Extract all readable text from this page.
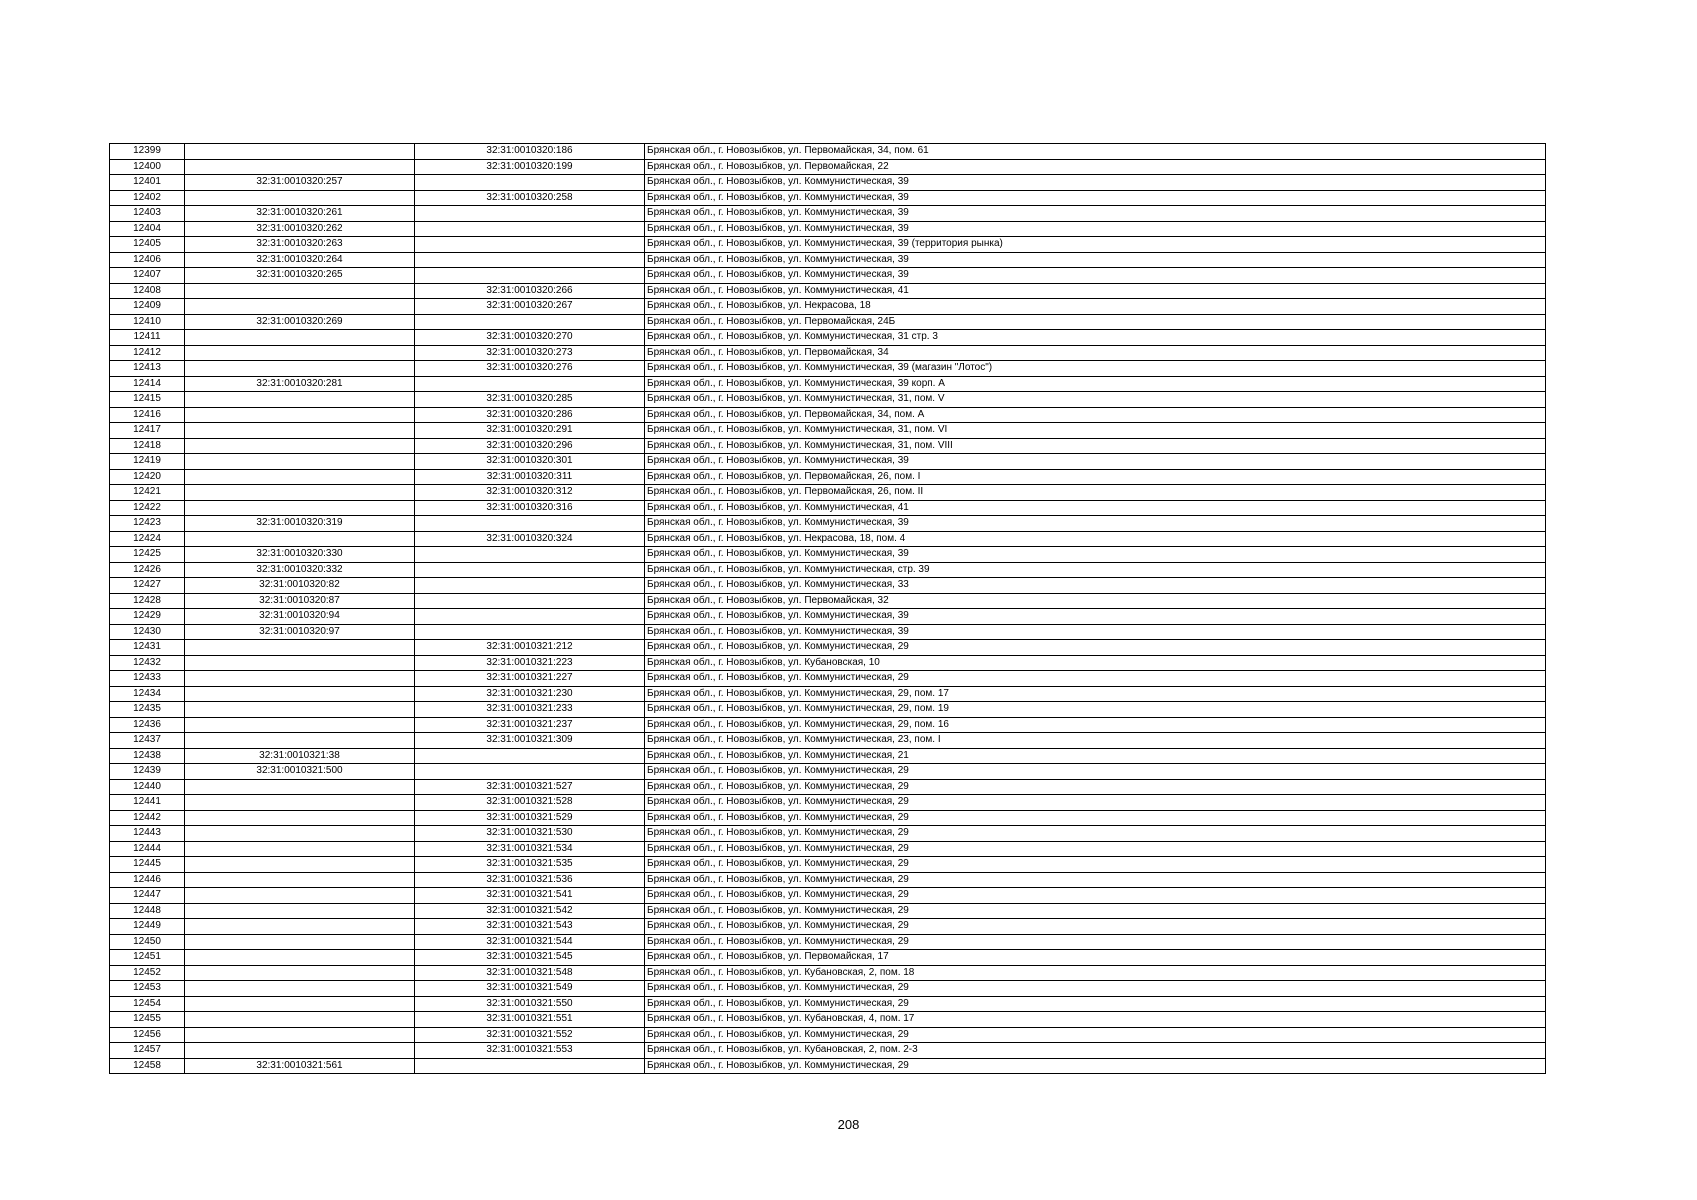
12399		32:31:0010320:186	Брянская обл., г. Новозыбков, ул. Первомайская, 34, пом. 61
12400		32:31:0010320:199	Брянская обл., г. Новозыбков, ул. Первомайская, 22
12401	32:31:0010320:257		Брянская обл., г. Новозыбков, ул. Коммунистическая, 39
12402		32:31:0010320:258	Брянская обл., г. Новозыбков, ул. Коммунистическая, 39
12403	32:31:0010320:261		Брянская обл., г. Новозыбков, ул. Коммунистическая, 39
12404	32:31:0010320:262		Брянская обл., г. Новозыбков, ул. Коммунистическая, 39
12405	32:31:0010320:263		Брянская обл., г. Новозыбков, ул. Коммунистическая, 39 (территория рынка)
12406	32:31:0010320:264		Брянская обл., г. Новозыбков, ул. Коммунистическая, 39
12407	32:31:0010320:265		Брянская обл., г. Новозыбков, ул. Коммунистическая, 39
12408		32:31:0010320:266	Брянская обл., г. Новозыбков, ул. Коммунистическая, 41
12409		32:31:0010320:267	Брянская обл., г. Новозыбков, ул. Некрасова, 18
12410	32:31:0010320:269		Брянская обл., г. Новозыбков, ул. Первомайская, 24Б
12411		32:31:0010320:270	Брянская обл., г. Новозыбков, ул. Коммунистическая, 31 стр. 3
12412		32:31:0010320:273	Брянская обл., г. Новозыбков, ул. Первомайская, 34
12413		32:31:0010320:276	Брянская обл., г. Новозыбков, ул. Коммунистическая, 39 (магазин "Лотос")
12414	32:31:0010320:281		Брянская обл., г. Новозыбков, ул. Коммунистическая, 39 корп. А
12415		32:31:0010320:285	Брянская обл., г. Новозыбков, ул. Коммунистическая, 31, пом. V
12416		32:31:0010320:286	Брянская обл., г. Новозыбков, ул. Первомайская, 34, пом. А
12417		32:31:0010320:291	Брянская обл., г. Новозыбков, ул. Коммунистическая, 31, пом. VI
12418		32:31:0010320:296	Брянская обл., г. Новозыбков, ул. Коммунистическая, 31, пом. VIII
12419		32:31:0010320:301	Брянская обл., г. Новозыбков, ул. Коммунистическая, 39
12420		32:31:0010320:311	Брянская обл., г. Новозыбков, ул. Первомайская, 26, пом. I
12421		32:31:0010320:312	Брянская обл., г. Новозыбков, ул. Первомайская, 26, пом. II
12422		32:31:0010320:316	Брянская обл., г. Новозыбков, ул. Коммунистическая, 41
12423	32:31:0010320:319		Брянская обл., г. Новозыбков, ул. Коммунистическая, 39
12424		32:31:0010320:324	Брянская обл., г. Новозыбков, ул. Некрасова, 18, пом. 4
12425	32:31:0010320:330		Брянская обл., г. Новозыбков, ул. Коммунистическая, 39
12426	32:31:0010320:332		Брянская обл., г. Новозыбков, ул. Коммунистическая, стр. 39
12427	32:31:0010320:82		Брянская обл., г. Новозыбков, ул. Коммунистическая, 33
12428	32:31:0010320:87		Брянская обл., г. Новозыбков, ул. Первомайская, 32
12429	32:31:0010320:94		Брянская обл., г. Новозыбков, ул. Коммунистическая, 39
12430	32:31:0010320:97		Брянская обл., г. Новозыбков, ул. Коммунистическая, 39
12431		32:31:0010321:212	Брянская обл., г. Новозыбков, ул. Коммунистическая, 29
12432		32:31:0010321:223	Брянская обл., г. Новозыбков, ул. Кубановская, 10
12433		32:31:0010321:227	Брянская обл., г. Новозыбков, ул. Коммунистическая, 29
12434		32:31:0010321:230	Брянская обл., г. Новозыбков, ул. Коммунистическая, 29, пом. 17
12435		32:31:0010321:233	Брянская обл., г. Новозыбков, ул. Коммунистическая, 29, пом. 19
12436		32:31:0010321:237	Брянская обл., г. Новозыбков, ул. Коммунистическая, 29, пом. 16
12437		32:31:0010321:309	Брянская обл., г. Новозыбков, ул. Коммунистическая, 23, пом. I
12438	32:31:0010321:38		Брянская обл., г. Новозыбков, ул. Коммунистическая, 21
12439	32:31:0010321:500		Брянская обл., г. Новозыбков, ул. Коммунистическая, 29
12440		32:31:0010321:527	Брянская обл., г. Новозыбков, ул. Коммунистическая, 29
12441		32:31:0010321:528	Брянская обл., г. Новозыбков, ул. Коммунистическая, 29
12442		32:31:0010321:529	Брянская обл., г. Новозыбков, ул. Коммунистическая, 29
12443		32:31:0010321:530	Брянская обл., г. Новозыбков, ул. Коммунистическая, 29
12444		32:31:0010321:534	Брянская обл., г. Новозыбков, ул. Коммунистическая, 29
12445		32:31:0010321:535	Брянская обл., г. Новозыбков, ул. Коммунистическая, 29
12446		32:31:0010321:536	Брянская обл., г. Новозыбков, ул. Коммунистическая, 29
12447		32:31:0010321:541	Брянская обл., г. Новозыбков, ул. Коммунистическая, 29
12448		32:31:0010321:542	Брянская обл., г. Новозыбков, ул. Коммунистическая, 29
12449		32:31:0010321:543	Брянская обл., г. Новозыбков, ул. Коммунистическая, 29
12450		32:31:0010321:544	Брянская обл., г. Новозыбков, ул. Коммунистическая, 29
12451		32:31:0010321:545	Брянская обл., г. Новозыбков, ул. Первомайская, 17
12452		32:31:0010321:548	Брянская обл., г. Новозыбков, ул. Кубановская, 2, пом. 18
12453		32:31:0010321:549	Брянская обл., г. Новозыбков, ул. Коммунистическая, 29
12454		32:31:0010321:550	Брянская обл., г. Новозыбков, ул. Коммунистическая, 29
12455		32:31:0010321:551	Брянская обл., г. Новозыбков, ул. Кубановская, 4, пом. 17
12456		32:31:0010321:552	Брянская обл., г. Новозыбков, ул. Коммунистическая, 29
12457		32:31:0010321:553	Брянская обл., г. Новозыбков, ул. Кубановская, 2, пом. 2-3
12458	32:31:0010321:561		Брянская обл., г. Новозыбков, ул. Коммунистическая, 29
208
